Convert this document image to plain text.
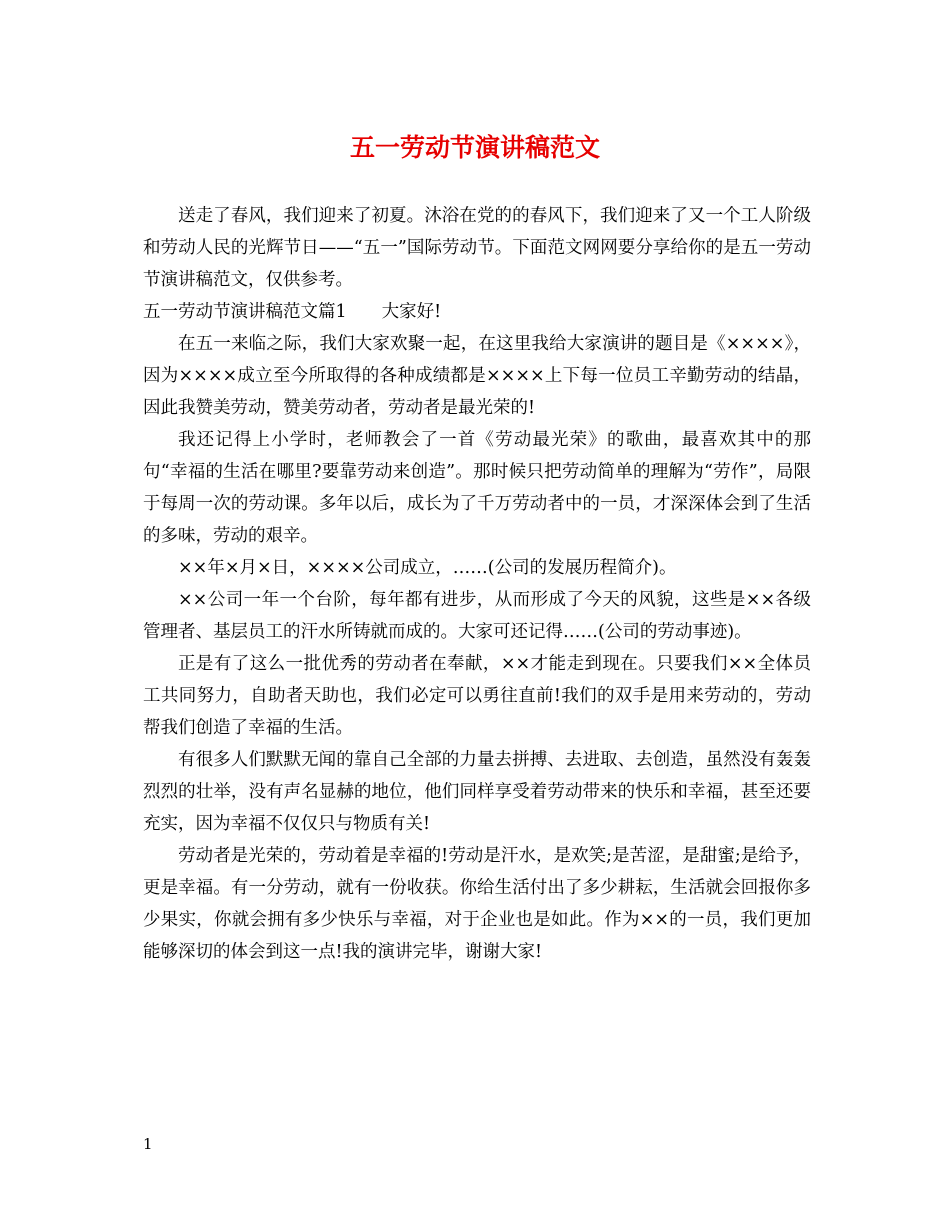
五一劳动节演讲稿范文

送走了春风，我们迎来了初夏。沐浴在党的的春风下，我们迎来了又一个工人阶级和劳动人民的光辉节日——“五一”国际劳动节。下面范文网网要分享给你的是五一劳动节演讲稿范文，仅供参考。

五一劳动节演讲稿范文篇1　　大家好!

在五一来临之际，我们大家欢聚一起，在这里我给大家演讲的题目是《××××》，因为××××成立至今所取得的各种成绩都是××××上下每一位员工辛勤劳动的结晶，因此我赞美劳动，赞美劳动者，劳动者是最光荣的!

我还记得上小学时，老师教会了一首《劳动最光荣》的歌曲，最喜欢其中的那句“幸福的生活在哪里?要靠劳动来创造”。那时候只把劳动简单的理解为“劳作”，局限于每周一次的劳动课。多年以后，成长为了千万劳动者中的一员，才深深体会到了生活的多味，劳动的艰辛。

××年×月×日，××××公司成立，……(公司的发展历程简介)。

××公司一年一个台阶，每年都有进步，从而形成了今天的风貌，这些是××各级管理者、基层员工的汗水所铸就而成的。大家可还记得……(公司的劳动事迹)。

正是有了这么一批优秀的劳动者在奉献，××才能走到现在。只要我们××全体员工共同努力，自助者天助也，我们必定可以勇往直前!我们的双手是用来劳动的，劳动帮我们创造了幸福的生活。

有很多人们默默无闻的靠自己全部的力量去拼搏、去进取、去创造，虽然没有轰轰烈烈的壮举，没有声名显赫的地位，他们同样享受着劳动带来的快乐和幸福，甚至还要充实，因为幸福不仅仅只与物质有关!

劳动者是光荣的，劳动着是幸福的!劳动是汗水，是欢笑;是苦涩，是甜蜜;是给予，更是幸福。有一分劳动，就有一份收获。你给生活付出了多少耕耘，生活就会回报你多少果实，你就会拥有多少快乐与幸福，对于企业也是如此。作为××的一员，我们更加能够深切的体会到这一点!我的演讲完毕，谢谢大家!

1
